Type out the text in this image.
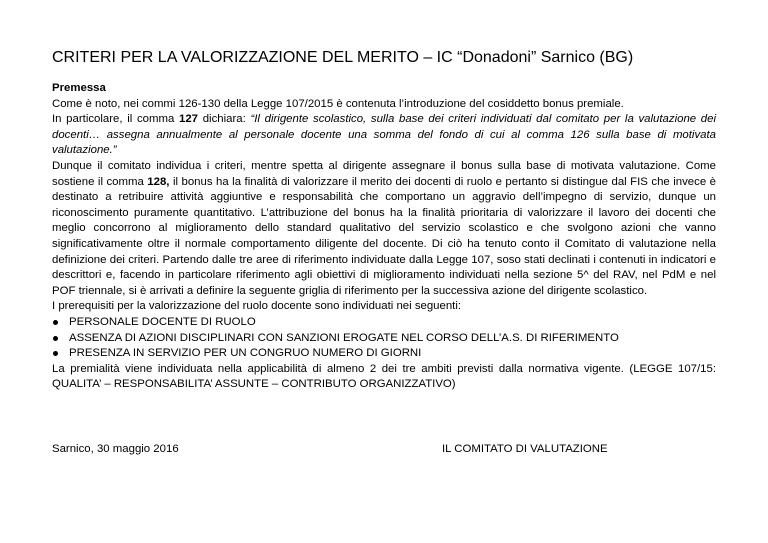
CRITERI PER LA VALORIZZAZIONE DEL MERITO – IC “Donadoni” Sarnico (BG)
Premessa
Come è noto, nei commi 126-130 della Legge 107/2015 è contenuta l’introduzione del cosiddetto bonus premiale.
In particolare, il comma 127 dichiara: “Il dirigente scolastico, sulla base dei criteri individuati dal comitato per la valutazione dei docenti… assegna annualmente al personale docente una somma del fondo di cui al comma 126 sulla base di motivata valutazione.”
Dunque il comitato individua i criteri, mentre spetta al dirigente assegnare il bonus sulla base di motivata valutazione. Come sostiene il comma 128, il bonus ha la finalità di valorizzare il merito dei docenti di ruolo e pertanto si distingue dal FIS che invece è destinato a retribuire attività aggiuntive e responsabilità che comportano un aggravio dell’impegno di servizio, dunque un riconoscimento puramente quantitativo. L’attribuzione del bonus ha la finalità prioritaria di valorizzare il lavoro dei docenti che meglio concorrono al miglioramento dello standard qualitativo del servizio scolastico e che svolgono azioni che vanno significativamente oltre il normale comportamento diligente del docente. Di ciò ha tenuto conto il Comitato di valutazione nella definizione dei criteri. Partendo dalle tre aree di riferimento individuate dalla Legge 107, soso stati declinati i contenuti in indicatori e descrittori e, facendo in particolare riferimento agli obiettivi di miglioramento individuati nella sezione 5^ del RAV, nel PdM e nel POF triennale, si è arrivati a definire la seguente griglia di riferimento per la successiva azione del dirigente scolastico.
I prerequisiti per la valorizzazione del ruolo docente sono individuati nei seguenti:
PERSONALE DOCENTE DI RUOLO
ASSENZA DI AZIONI DISCIPLINARI CON SANZIONI EROGATE NEL CORSO DELL’A.S. DI RIFERIMENTO
PRESENZA IN SERVIZIO PER UN CONGRUO NUMERO DI GIORNI
La premialità viene individuata nella applicabilità di almeno 2 dei tre ambiti previsti dalla normativa vigente. (LEGGE 107/15: QUALITA’ – RESPONSABILITA’ ASSUNTE – CONTRIBUTO ORGANIZZATIVO)
Sarnico, 30 maggio 2016	IL COMITATO DI VALUTAZIONE
